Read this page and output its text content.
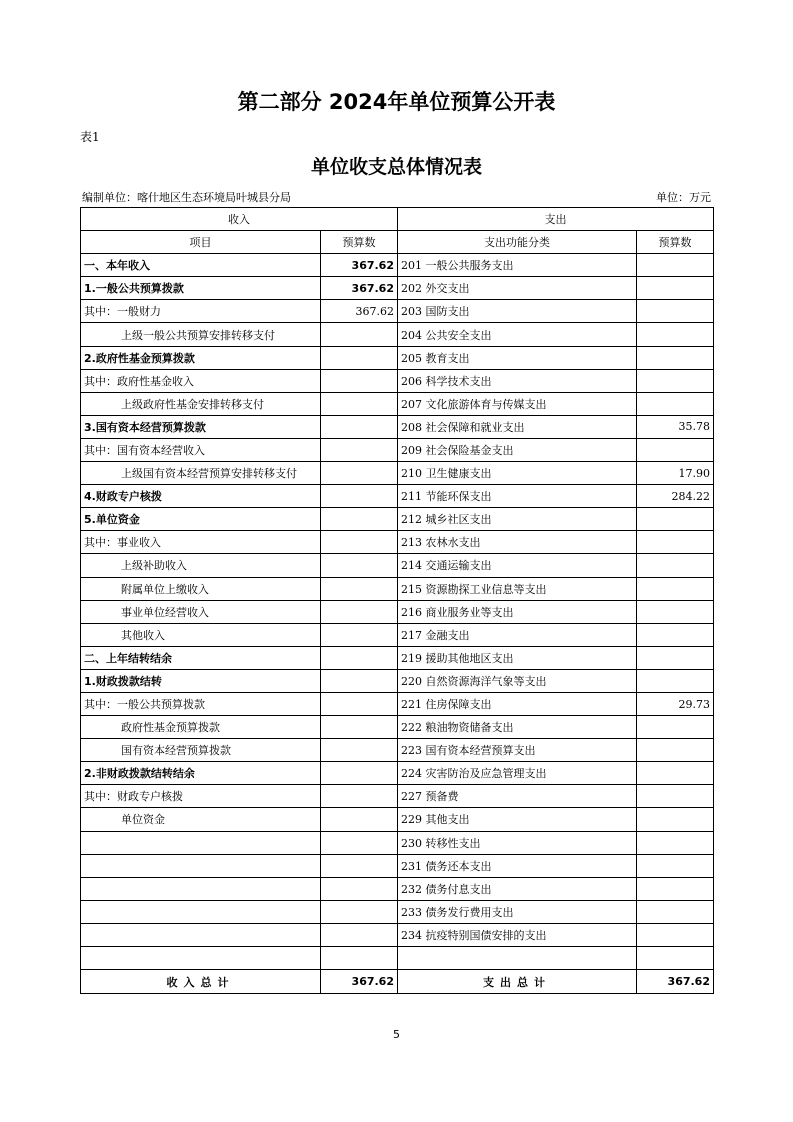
第二部分 2024年单位预算公开表
表1
单位收支总体情况表
编制单位：喀什地区生态环境局叶城县分局	单位：万元
收入		支出	
项目	预算数	支出功能分类	预算数
一、本年收入	367.62	201 一般公共服务支出	
1.一般公共预算拨款	367.62	202 外交支出	
其中：一般财力	367.62	203 国防支出	
上级一般公共预算安排转移支付		204 公共安全支出	
2.政府性基金预算拨款		205 教育支出	
其中：政府性基金收入		206 科学技术支出	
上级政府性基金安排转移支付		207 文化旅游体育与传媒支出	
3.国有资本经营预算拨款		208 社会保障和就业支出	35.78
其中：国有资本经营收入		209 社会保险基金支出	
上级国有资本经营预算安排转移支付		210 卫生健康支出	17.90
4.财政专户核拨		211 节能环保支出	284.22
5.单位资金		212 城乡社区支出	
其中：事业收入		213 农林水支出	
上级补助收入		214 交通运输支出	
附属单位上缴收入		215 资源勘探工业信息等支出	
事业单位经营收入		216 商业服务业等支出	
其他收入		217 金融支出	
二、上年结转结余		219 援助其他地区支出	
1.财政拨款结转		220 自然资源海洋气象等支出	
其中：一般公共预算拨款		221 住房保障支出	29.73
政府性基金预算拨款		222 粮油物资储备支出	
国有资本经营预算拨款		223 国有资本经营预算支出	
2.非财政拨款结转结余		224 灾害防治及应急管理支出	
其中：财政专户核拨		227 预备费	
单位资金		229 其他支出	
		230 转移性支出	
		231 债务还本支出	
		232 债务付息支出	
		233 债务发行费用支出	
		234 抗疫特别国债安排的支出	

收入总计	367.62	支出总计	367.62
5
